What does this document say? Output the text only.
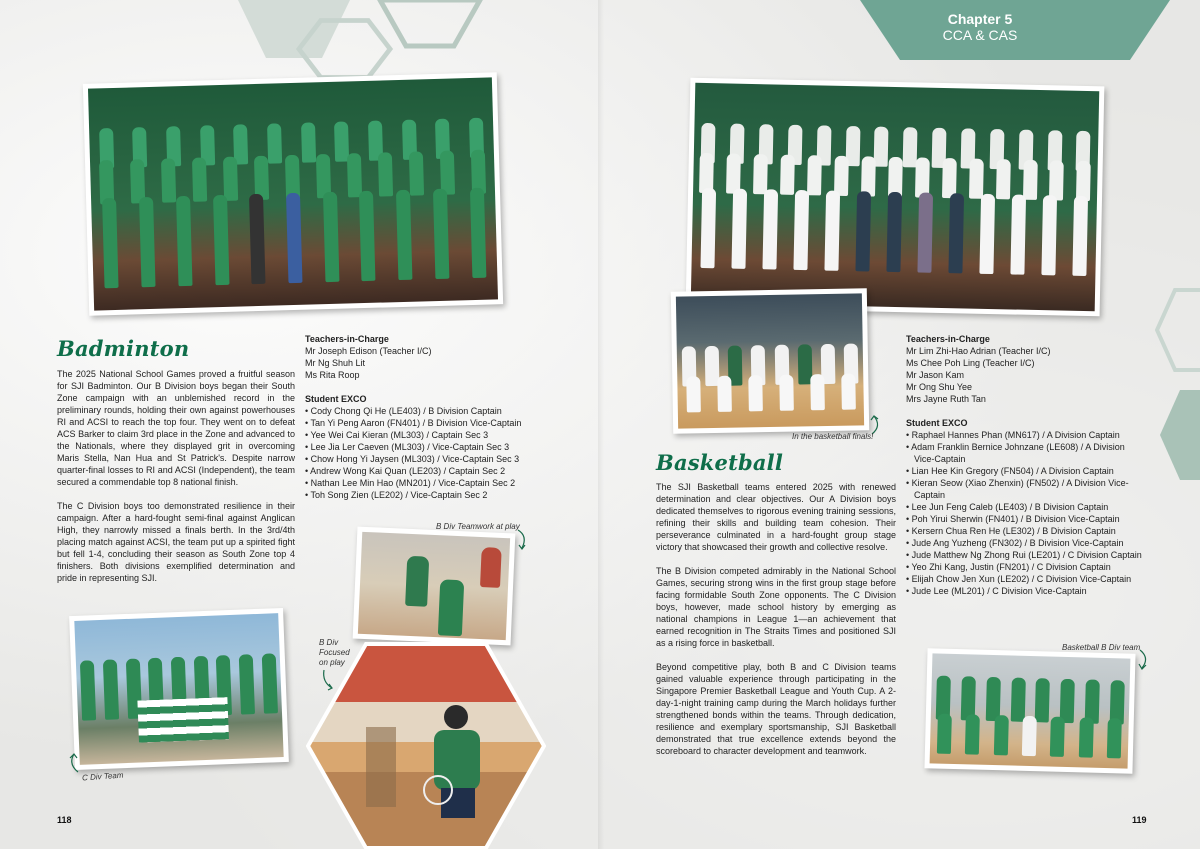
Chapter 5
CCA & CAS
Badminton

The 2025 National School Games proved a fruitful season for SJI Badminton. Our B Division boys began their South Zone campaign with an unblemished record in the preliminary rounds, holding their own against powerhouses RI and ACSI to reach the top four. They went on to defeat ACS Barker to claim 3rd place in the Zone and advanced to the Nationals, where they displayed grit in overcoming Maris Stella, Nan Hua and St Patrick's. Despite narrow quarter-final losses to RI and ACSI (Independent), the team secured a commendable top 8 national finish.

The C Division boys too demonstrated resilience in their campaign. After a hard-fought semi-final against Anglican High, they narrowly missed a finals berth. In the 3rd/4th placing match against ACSI, the team put up a spirited fight but fell 1-4, concluding their season as South Zone top 4 finishers. Both divisions exemplified determination and pride in representing SJI.

Teachers-in-Charge
Mr Joseph Edison (Teacher I/C)
Mr Ng Shuh Lit
Ms Rita Roop
Student EXCO
• Cody Chong Qi He (LE403) / B Division Captain
• Tan Yi Peng Aaron (FN401) / B Division Vice-Captain
• Yee Wei Cai Kieran (ML303) / Captain Sec 3
• Lee Jia Ler Caeven (ML303) / Vice-Captain Sec 3
• Chow Hong Yi Jaysen (ML303) / Vice-Captain Sec 3
• Andrew Wong Kai Quan (LE203) / Captain Sec 2
• Nathan Lee Min Hao (MN201) / Vice-Captain Sec 2
• Toh Song Zien (LE202) / Vice-Captain Sec 2
B Div Teamwork at play
B Div
Focused
on play
C Div Team
118
In the basketball finals!
Basketball

The SJI Basketball teams entered 2025 with renewed determination and clear objectives. Our A Division boys dedicated themselves to rigorous evening training sessions, refining their skills and building team cohesion. Their perseverance culminated in a hard-fought group stage victory that showcased their growth and collective resolve.

The B Division competed admirably in the National School Games, securing strong wins in the first group stage before facing formidable South Zone opponents. The C Division boys, however, made school history by emerging as national champions in League 1—an achievement that earned recognition in The Straits Times and positioned SJI as a rising force in basketball.

Beyond competitive play, both B and C Division teams gained valuable experience through participating in the Singapore Premier Basketball League and Youth Cup. A 2-day-1-night training camp during the March holidays further strengthened bonds within the teams. Through dedication, resilience and exemplary sportsmanship, SJI Basketball demonstrated that true excellence extends beyond the scoreboard to character development and teamwork.

Teachers-in-Charge
Mr Lim Zhi-Hao Adrian (Teacher I/C)
Ms Chee Poh Ling (Teacher I/C)
Mr Jason Kam
Mr Ong Shu Yee
Mrs Jayne Ruth Tan
Student EXCO
• Raphael Hannes Phan (MN617) / A Division Captain
• Adam Franklin Bernice Johnzane (LE608) / A Division Vice-Captain
• Lian Hee Kin Gregory (FN504) / A Division Captain
• Kieran Seow (Xiao Zhenxin) (FN502) / A Division Vice-Captain
• Lee Jun Feng Caleb (LE403) / B Division Captain
• Poh Yirui Sherwin (FN401) / B Division Vice-Captain
• Kersern Chua Ren He (LE302) / B Division Captain
• Jude Ang Yuzheng (FN302) / B Division Vice-Captain
• Jude Matthew Ng Zhong Rui (LE201) / C Division Captain
• Yeo Zhi Kang, Justin (FN201) / C Division Captain
• Elijah Chow Jen Xun (LE202) / C Division Vice-Captain
• Jude Lee (ML201) / C Division Vice-Captain
Basketball B Div team
119
